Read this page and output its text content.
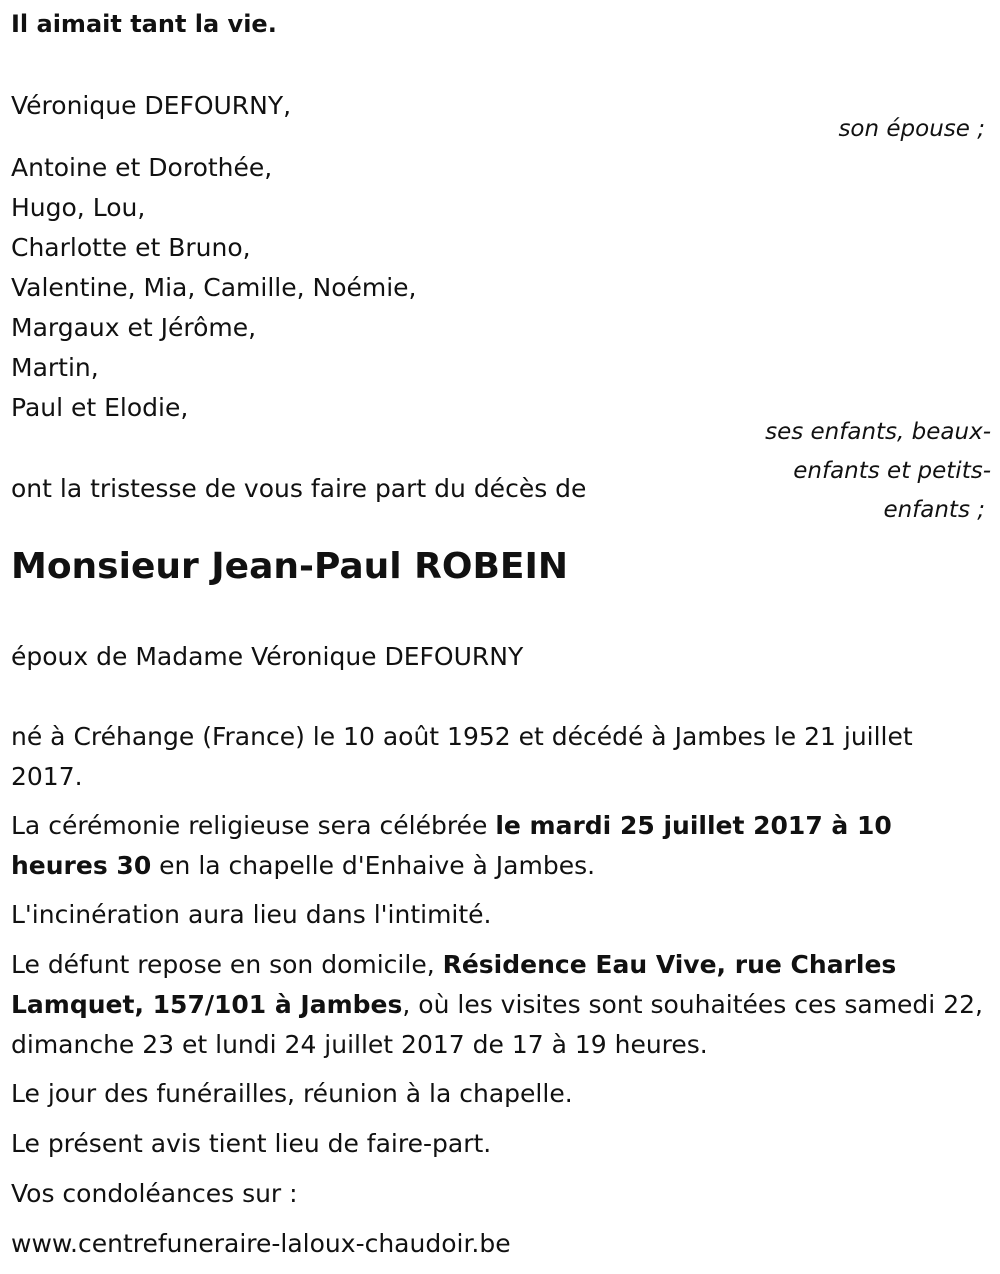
Il aimait tant la vie.
Véronique DEFOURNY,
son épouse ;
Antoine et Dorothée,
Hugo, Lou,
Charlotte et Bruno,
Valentine, Mia, Camille, Noémie,
Margaux et Jérôme,
Martin,
Paul et Elodie,
ses enfants, beaux-
enfants et petits-
enfants ;
ont la tristesse de vous faire part du décès de
Monsieur Jean-Paul ROBEIN
époux de Madame Véronique DEFOURNY

né à Créhange (France) le 10 août 1952 et décédé à Jambes le 21 juillet 2017.

La cérémonie religieuse sera célébrée le mardi 25 juillet 2017 à 10 heures 30 en la chapelle d'Enhaive à Jambes.

L'incinération aura lieu dans l'intimité.

Le défunt repose en son domicile, Résidence Eau Vive, rue Charles Lamquet, 157/101 à Jambes, où les visites sont souhaitées ces samedi 22, dimanche 23 et lundi 24 juillet 2017 de 17 à 19 heures.

Le jour des funérailles, réunion à la chapelle.

Le présent avis tient lieu de faire-part.

Vos condoléances sur :

www.centrefuneraire-laloux-chaudoir.be
